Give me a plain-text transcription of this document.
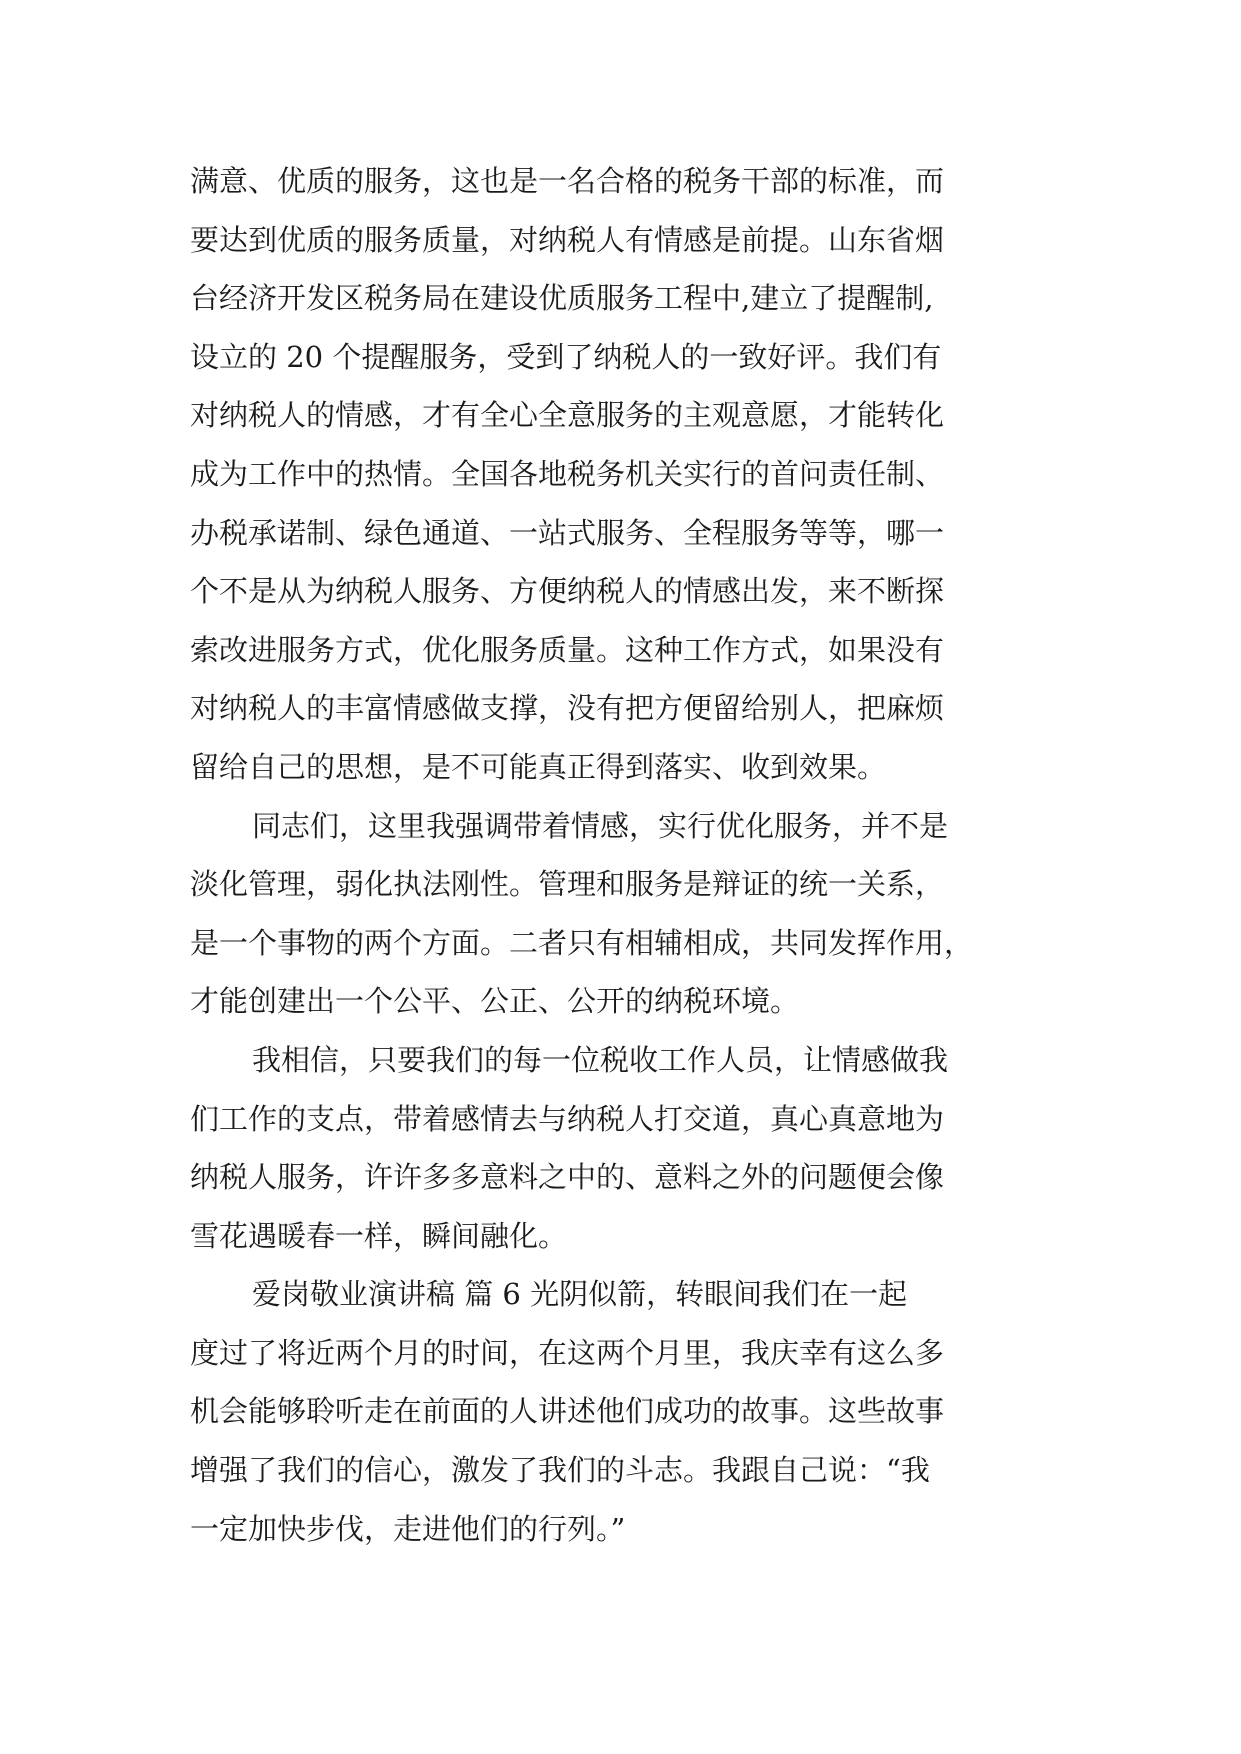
满意、优质的服务，这也是一名合格的税务干部的标准，而
要达到优质的服务质量，对纳税人有情感是前提。山东省烟
台经济开发区税务局在建设优质服务工程中,建立了提醒制,
设立的 20 个提醒服务，受到了纳税人的一致好评。我们有
对纳税人的情感，才有全心全意服务的主观意愿，才能转化
成为工作中的热情。全国各地税务机关实行的首问责任制、
办税承诺制、绿色通道、一站式服务、全程服务等等，哪一
个不是从为纳税人服务、方便纳税人的情感出发，来不断探
索改进服务方式，优化服务质量。这种工作方式，如果没有
对纳税人的丰富情感做支撑，没有把方便留给别人，把麻烦
留给自己的思想，是不可能真正得到落实、收到效果。
同志们，这里我强调带着情感，实行优化服务，并不是
淡化管理，弱化执法刚性。管理和服务是辩证的统一关系，
是一个事物的两个方面。二者只有相辅相成，共同发挥作用，
才能创建出一个公平、公正、公开的纳税环境。
我相信，只要我们的每一位税收工作人员，让情感做我
们工作的支点，带着感情去与纳税人打交道，真心真意地为
纳税人服务，许许多多意料之中的、意料之外的问题便会像
雪花遇暖春一样，瞬间融化。
爱岗敬业演讲稿 篇 6 光阴似箭，转眼间我们在一起
度过了将近两个月的时间，在这两个月里，我庆幸有这么多
机会能够聆听走在前面的人讲述他们成功的故事。这些故事
增强了我们的信心，激发了我们的斗志。我跟自己说：“我
一定加快步伐，走进他们的行列。”
